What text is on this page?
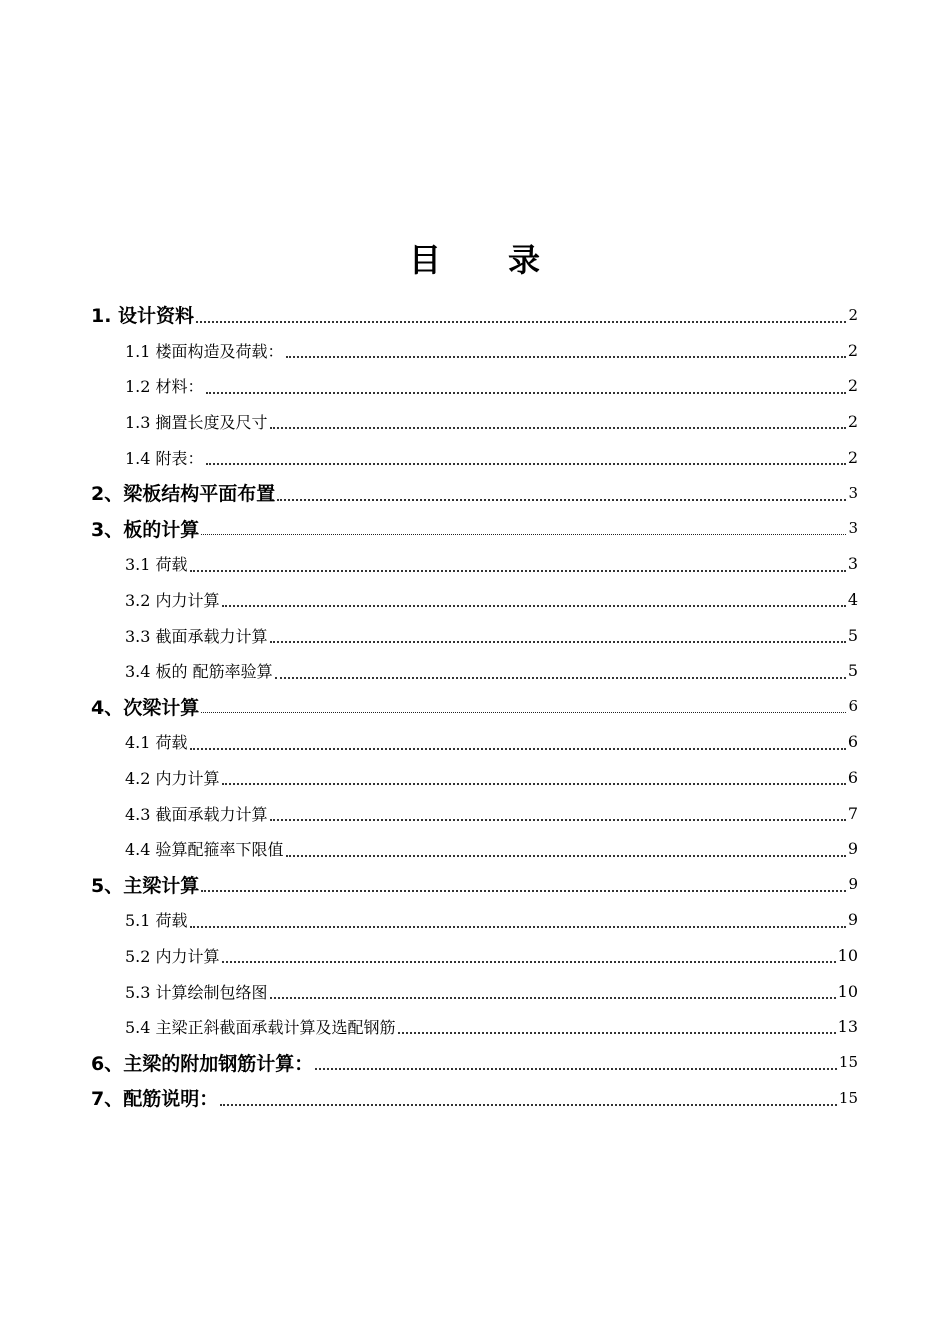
目　　录
1. 设计资料	2
1.1 楼面构造及荷载：	2
1.2 材料：	2
1.3 搁置长度及尺寸	2
1.4 附表：	2
2、梁板结构平面布置	3
3、板的计算	3
3.1 荷载	3
3.2 内力计算	4
3.3 截面承载力计算	5
3.4 板的 配筋率验算	5
4、次梁计算	6
4.1 荷载	6
4.2 内力计算	6
4.3 截面承载力计算	7
4.4 验算配箍率下限值	9
5、主梁计算	9
5.1 荷载	9
5.2 内力计算	10
5.3 计算绘制包络图	10
5.4 主梁正斜截面承载计算及选配钢筋	13
6、主梁的附加钢筋计算：	15
7、配筋说明：	15
